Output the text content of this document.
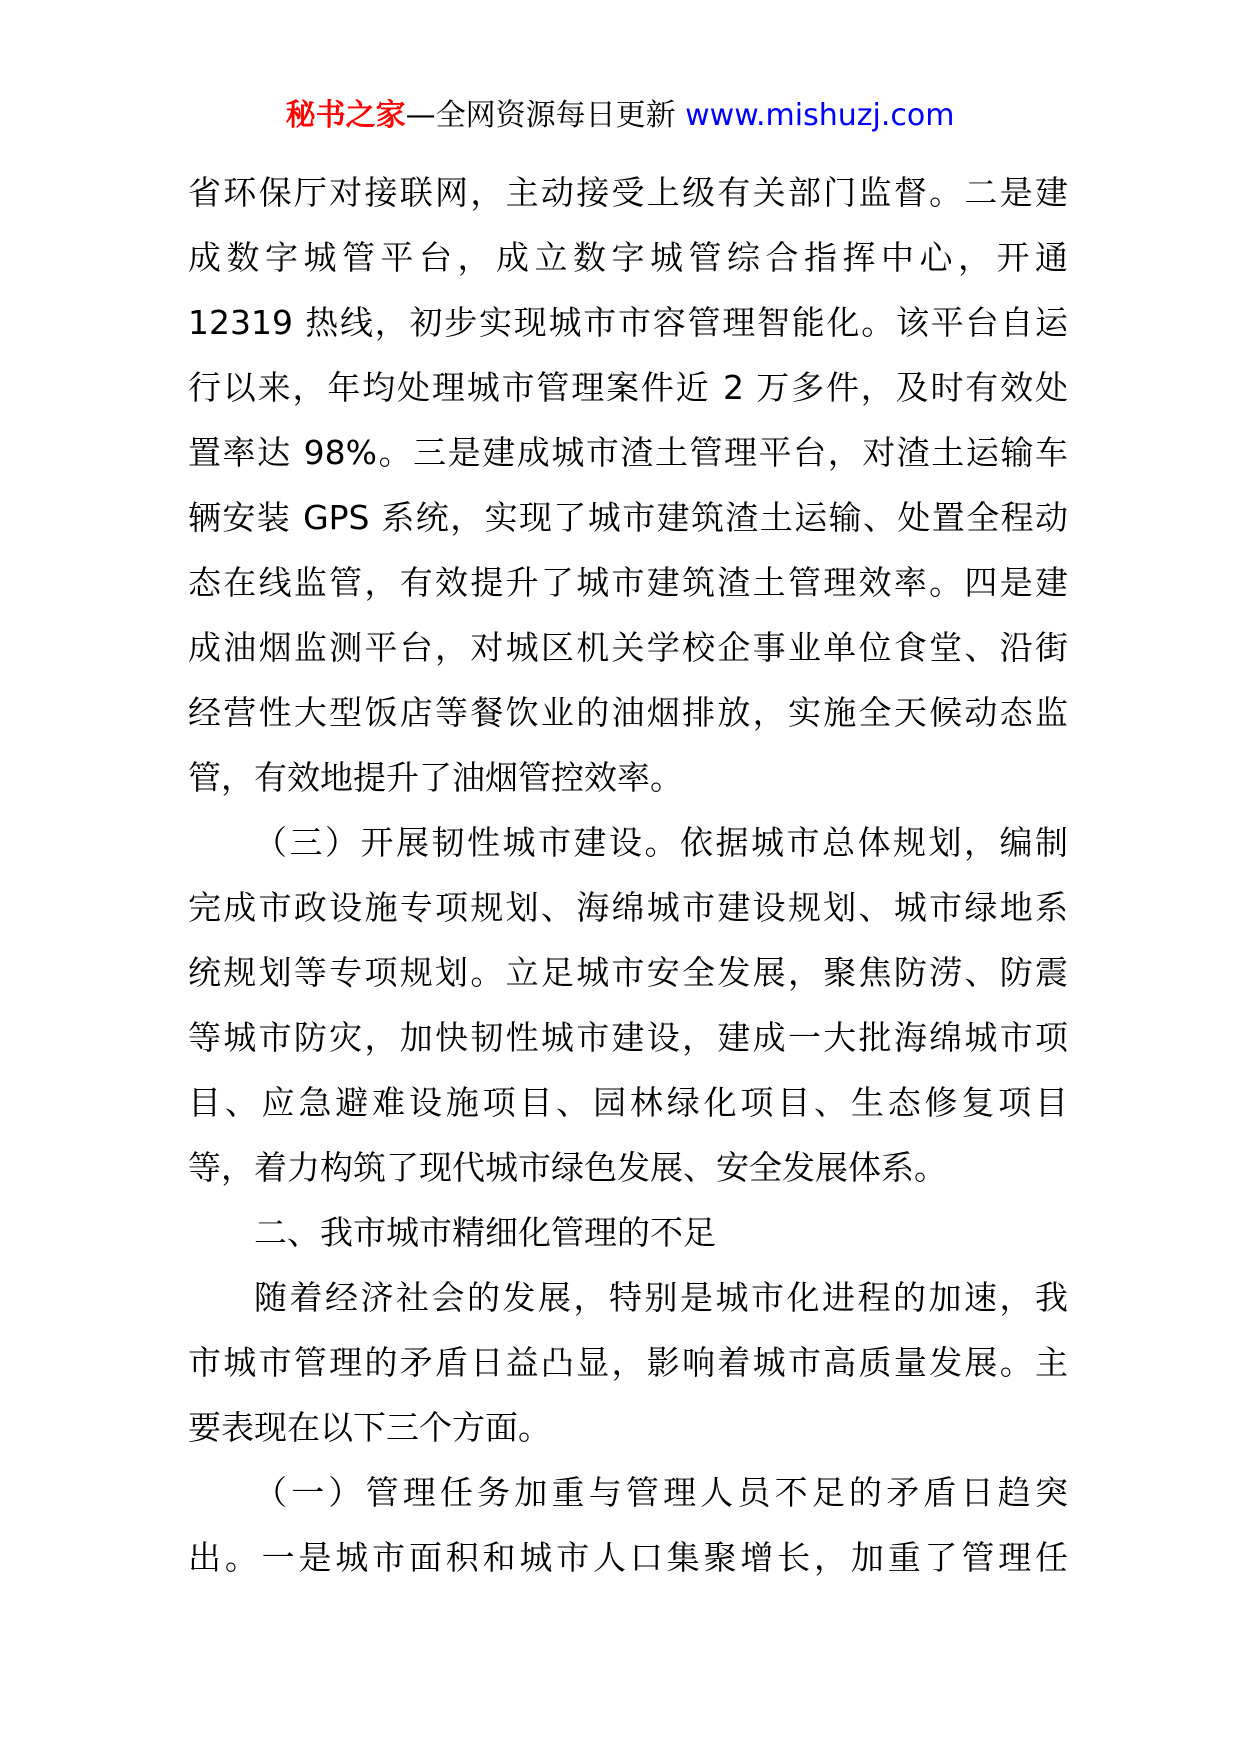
秘书之家—全网资源每日更新 www.mishuzj.com
省环保厅对接联网，主动接受上级有关部门监督。二是建
成数字城管平台，成立数字城管综合指挥中心，开通
12319 热线，初步实现城市市容管理智能化。该平台自运
行以来，年均处理城市管理案件近 2 万多件，及时有效处
置率达 98%。三是建成城市渣土管理平台，对渣土运输车
辆安装 GPS 系统，实现了城市建筑渣土运输、处置全程动
态在线监管，有效提升了城市建筑渣土管理效率。四是建
成油烟监测平台，对城区机关学校企事业单位食堂、沿街
经营性大型饭店等餐饮业的油烟排放，实施全天候动态监
管，有效地提升了油烟管控效率。
（三）开展韧性城市建设。依据城市总体规划，编制
完成市政设施专项规划、海绵城市建设规划、城市绿地系
统规划等专项规划。立足城市安全发展，聚焦防涝、防震
等城市防灾，加快韧性城市建设，建成一大批海绵城市项
目、应急避难设施项目、园林绿化项目、生态修复项目
等，着力构筑了现代城市绿色发展、安全发展体系。
二、我市城市精细化管理的不足
随着经济社会的发展，特别是城市化进程的加速，我
市城市管理的矛盾日益凸显，影响着城市高质量发展。主
要表现在以下三个方面。
（一）管理任务加重与管理人员不足的矛盾日趋突
出。一是城市面积和城市人口集聚增长，加重了管理任
